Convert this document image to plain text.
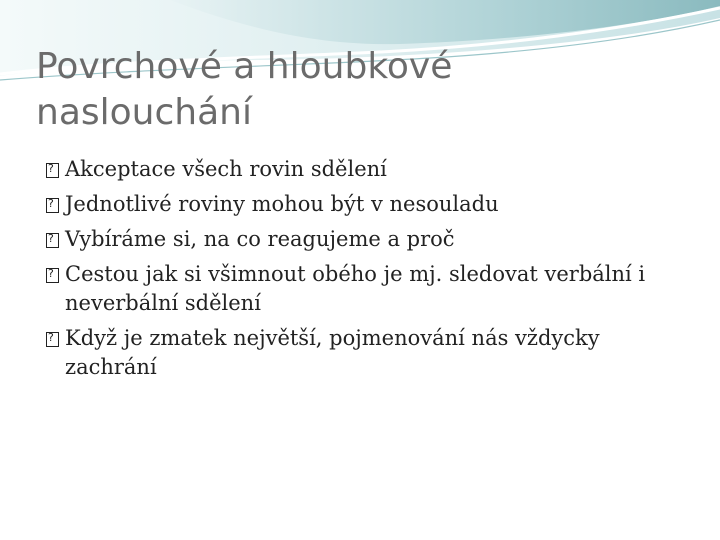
Povrchové a hloubkové naslouchání
?
Akceptace všech rovin sdělení
?
Jednotlivé roviny mohou být v nesouladu
?
Vybíráme si, na co reagujeme a proč
?
Cestou jak si všimnout obého je mj. sledovat verbální i neverbální sdělení
?
Když je zmatek největší, pojmenování nás vždycky zachrání
